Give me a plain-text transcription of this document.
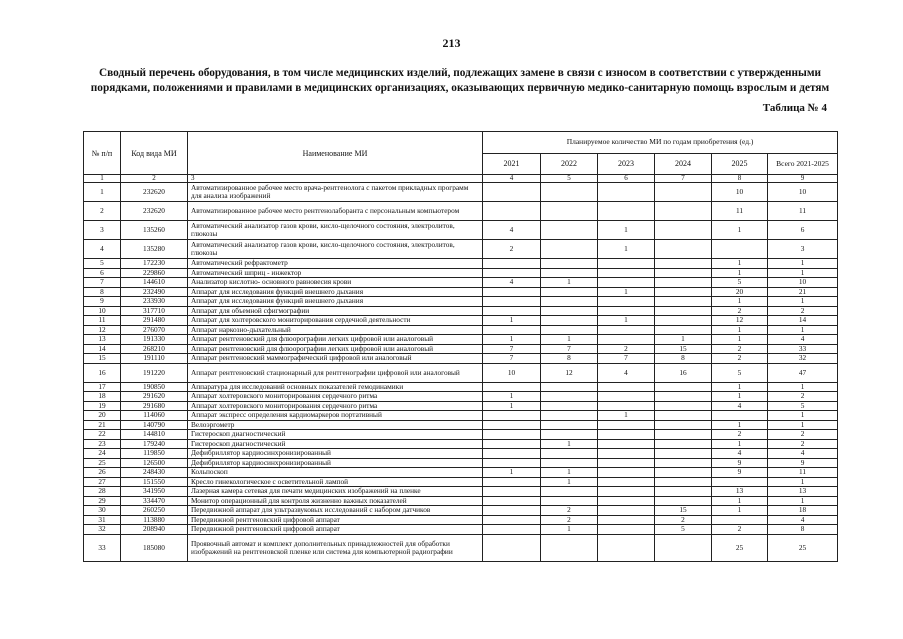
213
Сводный перечень оборудования, в том числе медицинских изделий, подлежащих замене в связи с износом в соответствии с утвержденными порядками, положениями и правилами в медицинских организациях, оказывающих первичную медико-санитарную помощь взрослым и детям
Таблица № 4
№ п/п	Код вида МИ	Наименование МИ	Планируемое количество МИ по годам приобретения (ед.)					
			2021	2022	2023	2024	2025	Всего 2021-2025
1	2	3	4	5	6	7	8	9
1	232620	Автоматизированное рабочее место врача-рентгенолога с пакетом прикладных программ для анализа изображений					10	10
2	232620	Автоматизированное рабочее место рентгенолаборанта с персональным компьютером					11	11
3	135260	Автоматический анализатор газов крови, кисло-щелочного состояния, электролитов, глюкозы	4		1		1	6
4	135280	Автоматический анализатор газов крови, кисло-щелочного состояния, электролитов, глюкозы	2		1			3
5	172230	Автоматический рефрактометр					1	1
6	229860	Автоматический шприц - инжектор					1	1
7	144610	Анализатор кислотно- основного равновесия крови	4	1			5	10
8	232490	Аппарат для исследования функций внешнего дыхания			1		20	21
9	233930	Аппарат для исследования функций внешнего дыхания					1	1
10	317710	Аппарат для объемной сфигмографии					2	2
11	291480	Аппарат для холтеровского мониторирования сердечной деятельности	1		1		12	14
12	276070	Аппарат наркозно-дыхательный					1	1
13	191330	Аппарат рентгеновский для флюорографии легких цифровой или аналоговый	1	1		1	1	4
14	268210	Аппарат рентгеновский для флюорографии легких цифровой или аналоговый	7	7	2	15	2	33
15	191110	Аппарат рентгеновский маммографический цифровой или аналоговый	7	8	7	8	2	32
16	191220	Аппарат рентгеновский стационарный для рентгенографии цифровой или аналоговый	10	12	4	16	5	47
17	190850	Аппаратура для исследований основных показателей гемодинамики					1	1
18	291620	Аппарат холтеровского мониторирования сердечного ритма	1				1	2
19	291680	Аппарат холтеровского мониторирования сердечного ритма	1				4	5
20	114060	Аппарат экспресс определения кардиомаркеров портативный			1			1
21	140790	Велоэргометр					1	1
22	144810	Гистероскоп диагностический					2	2
23	179240	Гистероскоп диагностический		1			1	2
24	119850	Дефибриллятор кардиосинхронизированный					4	4
25	126500	Дефибриллятор кардиосинхронизированный					9	9
26	248430	Кольпоскоп	1	1			9	11
27	151550	Кресло гинекологическое с осветительной лампой		1				1
28	341950	Лазерная камера сетевая для печати медицинских изображений на пленке					13	13
29	334470	Монитор операционный для контроля жизненно важных показателей					1	1
30	260250	Передвижной аппарат для ультразвуковых исследований с набором датчиков		2		15	1	18
31	113880	Передвижной рентгеновский цифровой аппарат		2		2		4
32	208940	Передвижной рентгеновский цифровой аппарат		1		5	2	8
33	185080	Проявочный автомат и комплект дополнительных принадлежностей для обработки изображений на рентгеновской пленке или система для компьютерной радиографии					25	25
